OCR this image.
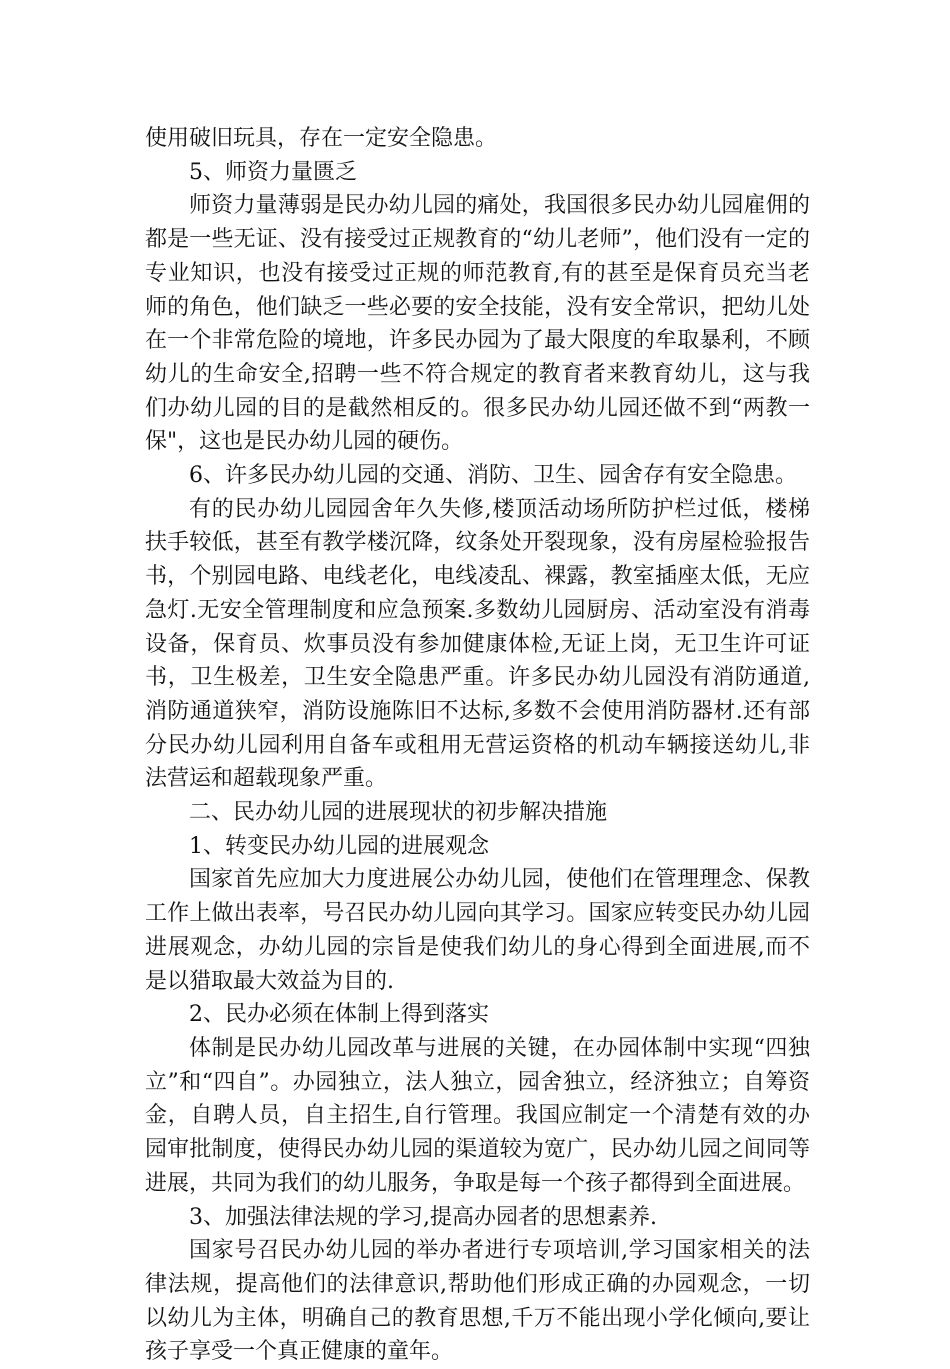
使用破旧玩具，存在一定安全隐患。

5、师资力量匮乏

师资力量薄弱是民办幼儿园的痛处，我国很多民办幼儿园雇佣的都是一些无证、没有接受过正规教育的“幼儿老师”，他们没有一定的专业知识，也没有接受过正规的师范教育,有的甚至是保育员充当老师的角色，他们缺乏一些必要的安全技能，没有安全常识，把幼儿处在一个非常危险的境地，许多民办园为了最大限度的牟取暴利，不顾幼儿的生命安全,招聘一些不符合规定的教育者来教育幼儿，这与我们办幼儿园的目的是截然相反的。很多民办幼儿园还做不到“两教一保"，这也是民办幼儿园的硬伤。

6、许多民办幼儿园的交通、消防、卫生、园舍存有安全隐患。

有的民办幼儿园园舍年久失修,楼顶活动场所防护栏过低，楼梯扶手较低，甚至有教学楼沉降，纹条处开裂现象，没有房屋检验报告书，个别园电路、电线老化，电线凌乱、裸露，教室插座太低，无应急灯.无安全管理制度和应急预案.多数幼儿园厨房、活动室没有消毒设备，保育员、炊事员没有参加健康体检,无证上岗，无卫生许可证书，卫生极差，卫生安全隐患严重。许多民办幼儿园没有消防通道,消防通道狭窄，消防设施陈旧不达标,多数不会使用消防器材.还有部分民办幼儿园利用自备车或租用无营运资格的机动车辆接送幼儿,非法营运和超载现象严重。

二、民办幼儿园的进展现状的初步解决措施

1、转变民办幼儿园的进展观念

国家首先应加大力度进展公办幼儿园，使他们在管理理念、保教工作上做出表率，号召民办幼儿园向其学习。国家应转变民办幼儿园进展观念，办幼儿园的宗旨是使我们幼儿的身心得到全面进展,而不是以猎取最大效益为目的.

2、民办必须在体制上得到落实

体制是民办幼儿园改革与进展的关键，在办园体制中实现“四独立”和“四自”。办园独立，法人独立，园舍独立，经济独立；自筹资金，自聘人员，自主招生,自行管理。我国应制定一个清楚有效的办园审批制度，使得民办幼儿园的渠道较为宽广，民办幼儿园之间同等进展，共同为我们的幼儿服务，争取是每一个孩子都得到全面进展。

3、加强法律法规的学习,提高办园者的思想素养.

国家号召民办幼儿园的举办者进行专项培训,学习国家相关的法律法规，提高他们的法律意识,帮助他们形成正确的办园观念，一切以幼儿为主体，明确自己的教育思想,千万不能出现小学化倾向,要让孩子享受一个真正健康的童年。
